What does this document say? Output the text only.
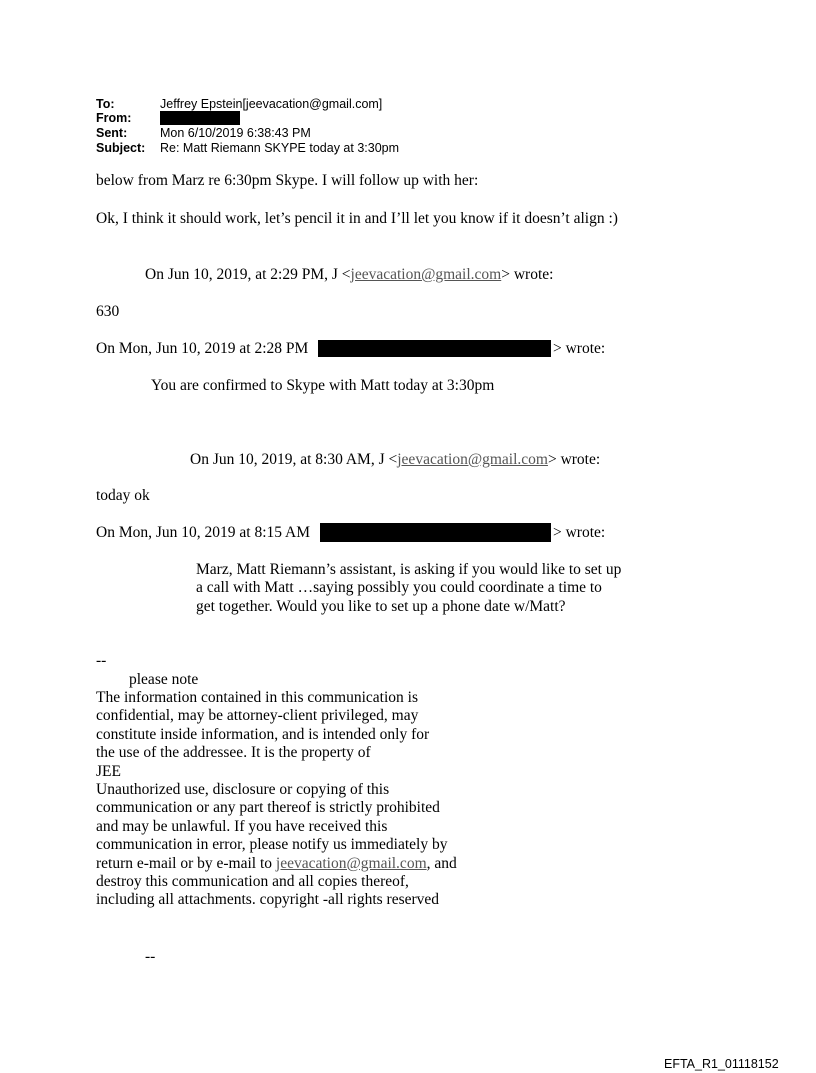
To:	Jeffrey Epstein[jeevacation@gmail.com]
From:
Sent:	Mon 6/10/2019 6:38:43 PM
Subject: Re: Matt Riemann SKYPE today at 3:30pm
below from Marz re 6:30pm Skype. I will follow up with her:
Ok, I think it should work, let’s pencil it in and I’ll let you know if it doesn’t align :)
On Jun 10, 2019, at 2:29 PM, J <jeevacation@gmail.com> wrote:
630
On Mon, Jun 10, 2019 at 2:28 PM	> wrote:
You are confirmed to Skype with Matt today at 3:30pm
On Jun 10, 2019, at 8:30 AM, J <jeevacation@gmail.com> wrote:
today ok
On Mon, Jun 10, 2019 at 8:15 AM	> wrote:
Marz, Matt Riemann’s assistant, is asking if you would like to set up
a call with Matt …saying possibly you could coordinate a time to
get together. Would you like to set up a phone date w/Matt?
--
please note
The information contained in this communication is
confidential, may be attorney-client privileged, may
constitute inside information, and is intended only for
the use of the addressee. It is the property of
JEE
Unauthorized use, disclosure or copying of this
communication or any part thereof is strictly prohibited
and may be unlawful. If you have received this
communication in error, please notify us immediately by
return e-mail or by e-mail to jeevacation@gmail.com, and
destroy this communication and all copies thereof,
including all attachments. copyright -all rights reserved
--
EFTA_R1_01118152
